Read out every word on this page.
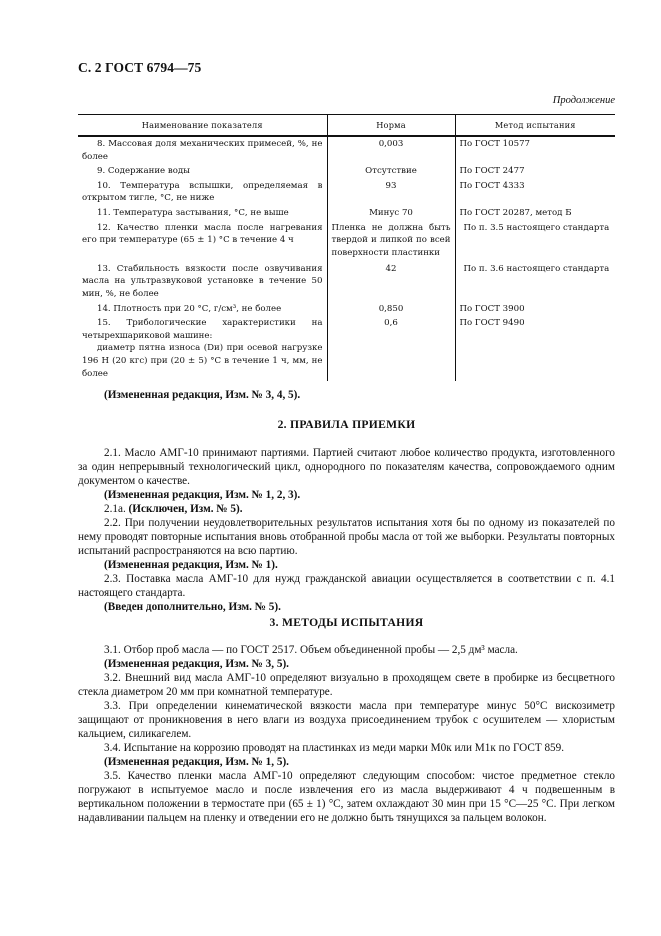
С. 2 ГОСТ 6794—75
Продолжение
Наименование показателя	Норма	Метод испытания
8. Массовая доля механических примесей, %, не более	0,003	По ГОСТ 10577
9. Содержание воды	Отсутствие	По ГОСТ 2477
10. Температура вспышки, определяемая в открытом тигле, °С, не ниже	93	По ГОСТ 4333
11. Температура застывания, °С, не выше	Минус 70	По ГОСТ 20287, метод Б
12. Качество пленки масла после нагревания его при температуре (65 ± 1) °С в течение 4 ч	Пленка не должна быть твердой и липкой по всей поверхности пластинки	По п. 3.5 настоящего стандарта
13. Стабильность вязкости после озвучивания масла на ультразвуковой установке в течение 50 мин, %, не более	42	По п. 3.6 настоящего стандарта
14. Плотность при 20 °С, г/см³, не более	0,850	По ГОСТ 3900
15. Трибологические характеристики на четырехшариковой машине:
диаметр пятна износа (Dи) при осевой нагрузке 196 Н (20 кгс) при (20 ± 5) °С в течение 1 ч, мм, не более	0,6	По ГОСТ 9490

(Измененная редакция, Изм. № 3, 4, 5).

2. ПРАВИЛА ПРИЕМКИ

2.1. Масло АМГ-10 принимают партиями. Партией считают любое количество продукта, изготовленного за один непрерывный технологический цикл, однородного по показателям качества, сопровождаемого одним документом о качестве.

(Измененная редакция, Изм. № 1, 2, 3).

2.1а. (Исключен, Изм. № 5).

2.2. При получении неудовлетворительных результатов испытания хотя бы по одному из показателей по нему проводят повторные испытания вновь отобранной пробы масла от той же выборки. Результаты повторных испытаний распространяются на всю партию.

(Измененная редакция, Изм. № 1).

2.3. Поставка масла АМГ-10 для нужд гражданской авиации осуществляется в соответствии с п. 4.1 настоящего стандарта.

(Введен дополнительно, Изм. № 5).

3. МЕТОДЫ ИСПЫТАНИЯ

3.1. Отбор проб масла — по ГОСТ 2517. Объем объединенной пробы — 2,5 дм³ масла.

(Измененная редакция, Изм. № 3, 5).

3.2. Внешний вид масла АМГ-10 определяют визуально в проходящем свете в пробирке из бесцветного стекла диаметром 20 мм при комнатной температуре.

3.3. При определении кинематической вязкости масла при температуре минус 50°С вискозиметр защищают от проникновения в него влаги из воздуха присоединением трубок с осушителем — хлористым кальцием, силикагелем.

3.4. Испытание на коррозию проводят на пластинках из меди марки М0к или М1к по ГОСТ 859.

(Измененная редакция, Изм. № 1, 5).

3.5. Качество пленки масла АМГ-10 определяют следующим способом: чистое предметное стекло погружают в испытуемое масло и после извлечения его из масла выдерживают 4 ч подвешенным в вертикальном положении в термостате при (65 ± 1) °С, затем охлаждают 30 мин при 15 °С—25 °С. При легком надавливании пальцем на пленку и отведении его не должно быть тянущихся за пальцем волокон.
